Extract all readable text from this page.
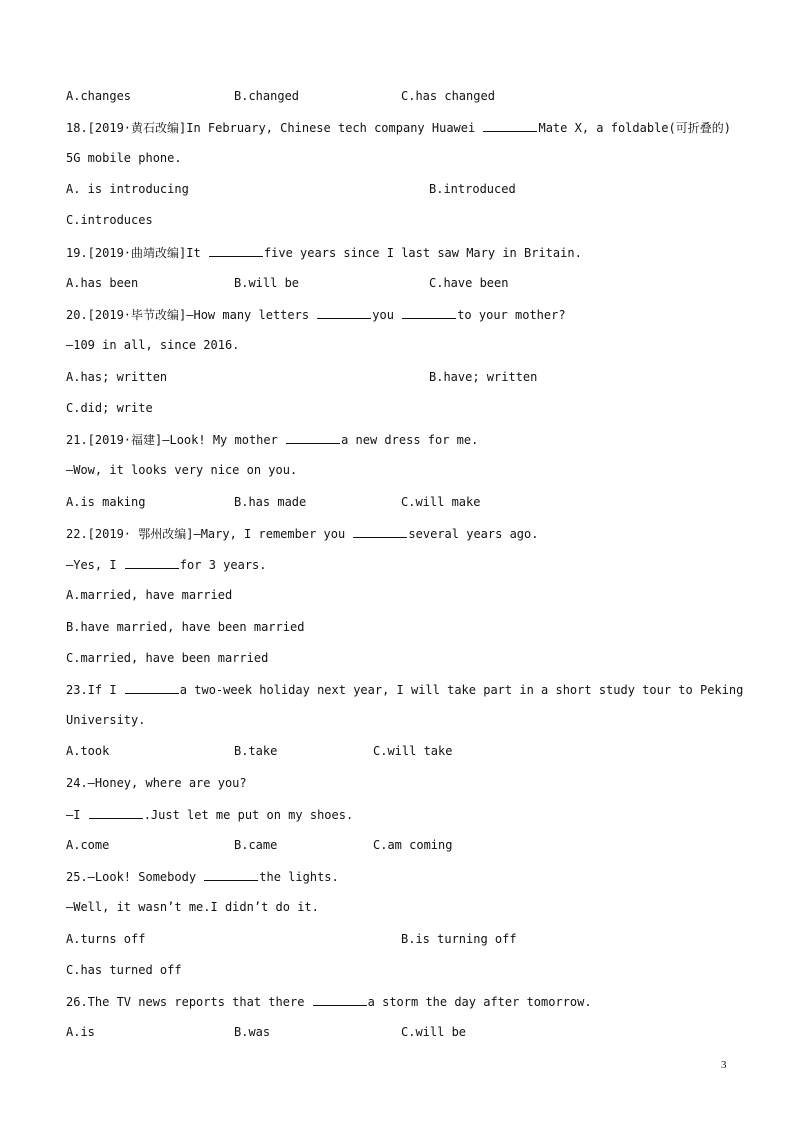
A.changes	B.changed	C.has changed
18.[2019·黄石改编]In February, Chinese tech company Huawei	Mate X, a foldable(可折叠的)
5G mobile phone.
A. is introducing	B.introduced
C.introduces
19.[2019·曲靖改编]It	five years since I last saw Mary in Britain.
A.has been	B.will be	C.have been
20.[2019·毕节改编]—How many letters	you	to your mother?
—109 in all, since 2016.
A.has; written	B.have; written
C.did; write
21.[2019·福建]—Look! My mother	a new dress for me.
—Wow, it looks very nice on you.
A.is making	B.has made	C.will make
22.[2019· 鄂州改编]—Mary, I remember you	several years ago.
—Yes, I	for 3 years.
A.married, have married
B.have married, have been married
C.married, have been married
23.If I	a two-week holiday next year, I will take part in a short study tour to Peking
University.
A.took	B.take	C.will take
24.—Honey, where are you?
—I	.Just let me put on my shoes.
A.come	B.came	C.am coming
25.—Look! Somebody	the lights.
—Well, it wasn’t me.I didn’t do it.
A.turns off	B.is turning off
C.has turned off
26.The TV news reports that there	a storm the day after tomorrow.
A.is	B.was	C.will be
3
